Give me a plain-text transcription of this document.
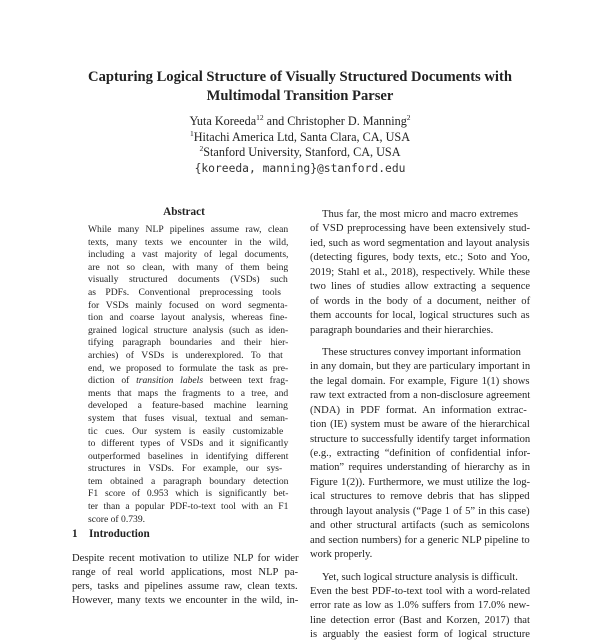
Capturing Logical Structure of Visually Structured Documents with
Multimodal Transition Parser
Yuta Koreeda$^{12}$ and Christopher D. Manning$^2$
$^1$Hitachi America Ltd, Santa Clara, CA, USA
$^2$Stanford University, Stanford, CA, USA
{koreeda, manning}@stanford.edu
Abstract
While many NLP pipelines assume raw, clean
texts, many texts we encounter in the wild,
including a vast majority of legal documents,
are not so clean, with many of them being
visually structured documents (VSDs) such
as PDFs. Conventional preprocessing tools
for VSDs mainly focused on word segmenta-
tion and coarse layout analysis, whereas fine-
grained logical structure analysis (such as iden-
tifying paragraph boundaries and their hier-
archies) of VSDs is underexplored. To that
end, we proposed to formulate the task as pre-
diction of transition labels between text frag-
ments that maps the fragments to a tree, and
developed a feature-based machine learning
system that fuses visual, textual and seman-
tic cues. Our system is easily customizable
to different types of VSDs and it significantly
outperformed baselines in identifying different
structures in VSDs. For example, our sys-
tem obtained a paragraph boundary detection
F1 score of 0.953 which is significantly bet-
ter than a popular PDF-to-text tool with an F1
score of 0.739.
1 Introduction
Despite recent motivation to utilize NLP for wider
range of real world applications, most NLP pa-
pers, tasks and pipelines assume raw, clean texts.
However, many texts we encounter in the wild, in-
Thus far, the most micro and macro extremes
of VSD preprocessing have been extensively stud-
ied, such as word segmentation and layout analysis
(detecting figures, body texts, etc.; Soto and Yoo,
2019; Stahl et al., 2018), respectively. While these
two lines of studies allow extracting a sequence
of words in the body of a document, neither of
them accounts for local, logical structures such as
paragraph boundaries and their hierarchies.
These structures convey important information
in any domain, but they are particulary important in
the legal domain. For example, Figure 1(1) shows
raw text extracted from a non-disclosure agreement
(NDA) in PDF format. An information extrac-
tion (IE) system must be aware of the hierarchical
structure to successfully identify target information
(e.g., extracting “definition of confidential infor-
mation” requires understanding of hierarchy as in
Figure 1(2)). Furthermore, we must utilize the log-
ical structures to remove debris that has slipped
through layout analysis (“Page 1 of 5” in this case)
and other structural artifacts (such as semicolons
and section numbers) for a generic NLP pipeline to
work properly.
Yet, such logical structure analysis is difficult.
Even the best PDF-to-text tool with a word-related
error rate as low as 1.0% suffers from 17.0% new-
line detection error (Bast and Korzen, 2017) that
is arguably the easiest form of logical structure
